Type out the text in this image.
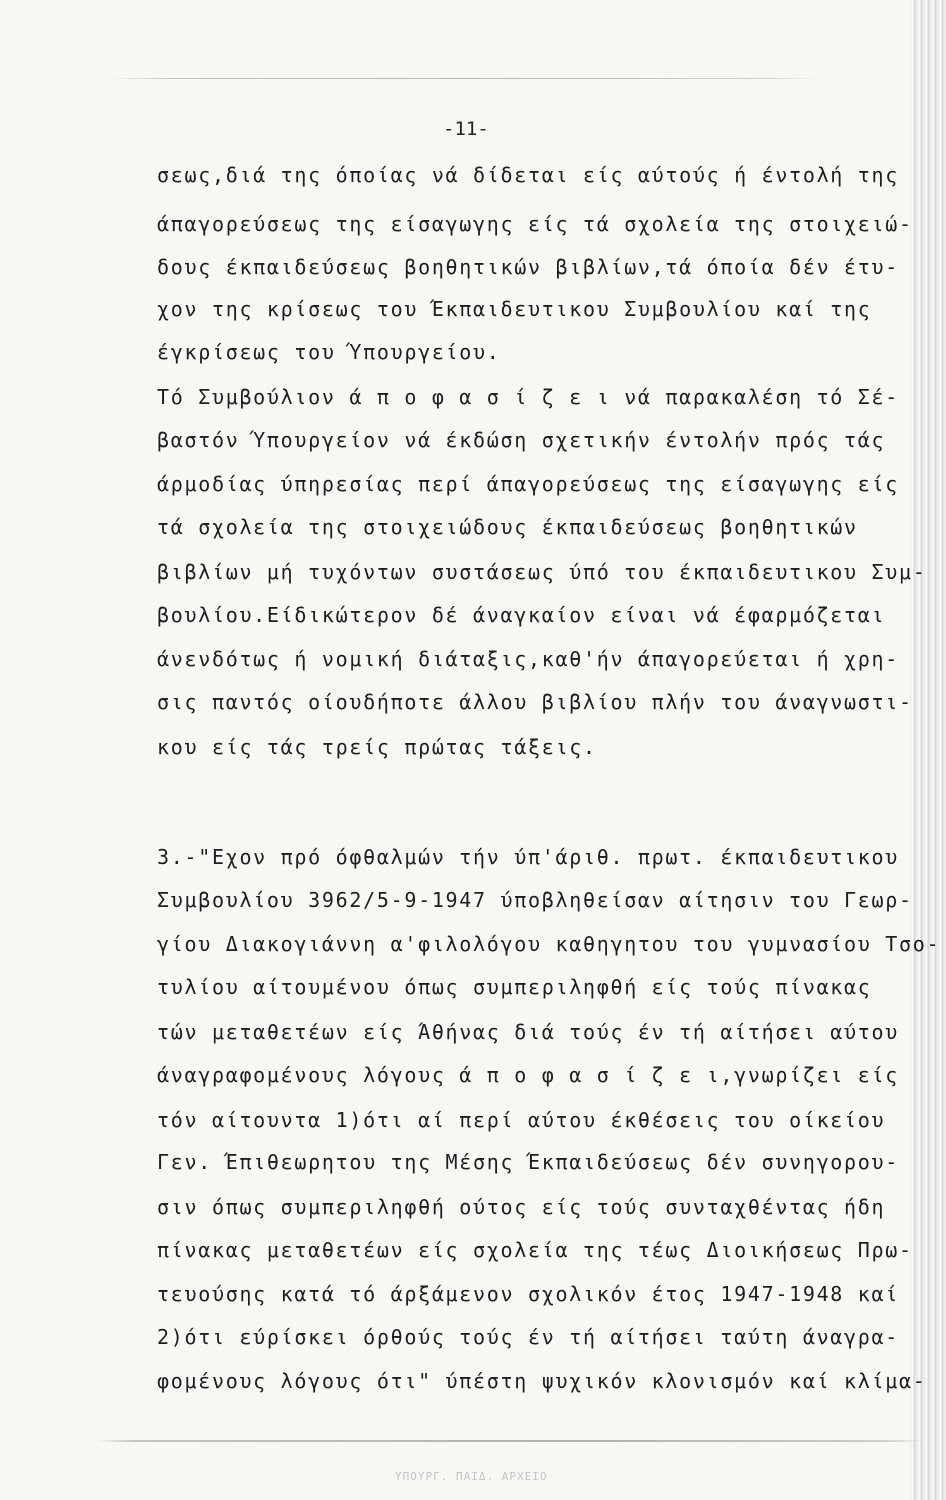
-11-
σεως,διά της όποίας νά δίδεται είς αύτούς ή έντολή της
άπαγορεύσεως της είσαγωγης είς τά σχολεία της στοιχειώ-
δους έκπαιδεύσεως βοηθητικών βιβλίων,τά όποία δέν έτυ-
χον της κρίσεως του Έκπαιδευτικου Συμβουλίου καί της
έγκρίσεως του Ύπουργείου.
Τό Συμβούλιον ά π ο φ α σ ί ζ ε ι νά παρακαλέση τό Σέ-
βαστόν Ύπουργείον νά έκδώση σχετικήν έντολήν πρός τάς
άρμοδίας ύπηρεσίας περί άπαγορεύσεως της είσαγωγης είς
τά σχολεία της στοιχειώδους έκπαιδεύσεως βοηθητικών
βιβλίων μή τυχόντων συστάσεως ύπό του έκπαιδευτικου Συμ-
βουλίου.Είδικώτερον δέ άναγκαίον είναι νά έφαρμόζεται
άνενδότως ή νομική διάταξις,καθ'ήν άπαγορεύεται ή χρη-
σις παντός οίουδήποτε άλλου βιβλίου πλήν του άναγνωστι-
κου είς τάς τρείς πρώτας τάξεις.
3.-"Εχον πρό όφθαλμών τήν ύπ'άριθ. πρωτ. έκπαιδευτικου
Συμβουλίου 3962/5-9-1947 ύποβληθείσαν αίτησιν του Γεωρ-
γίου Διακογιάννη α'φιλολόγου καθηγητου του γυμνασίου Τσο-
τυλίου αίτουμένου όπως συμπεριληφθή είς τούς πίνακας
τών μεταθετέων είς Άθήνας διά τούς έν τή αίτήσει αύτου
άναγραφομένους λόγους ά π ο φ α σ ί ζ ε ι,γνωρίζει είς
τόν αίτουντα 1)ότι αί περί αύτου έκθέσεις του οίκείου
Γεν. Έπιθεωρητου της Μέσης Έκπαιδεύσεως δέν συνηγορου-
σιν όπως συμπεριληφθή ούτος είς τούς συνταχθέντας ήδη
πίνακας μεταθετέων είς σχολεία της τέως Διοικήσεως Πρω-
τευούσης κατά τό άρξάμενον σχολικόν έτος 1947-1948 καί
2)ότι εύρίσκει όρθούς τούς έν τή αίτήσει ταύτη άναγρα-
φομένους λόγους ότι" ύπέστη ψυχικόν κλονισμόν καί κλίμα-
ΥΠΟΥΡΓ. ΠΑΙΔ. ΑΡΧΕΙΟ
